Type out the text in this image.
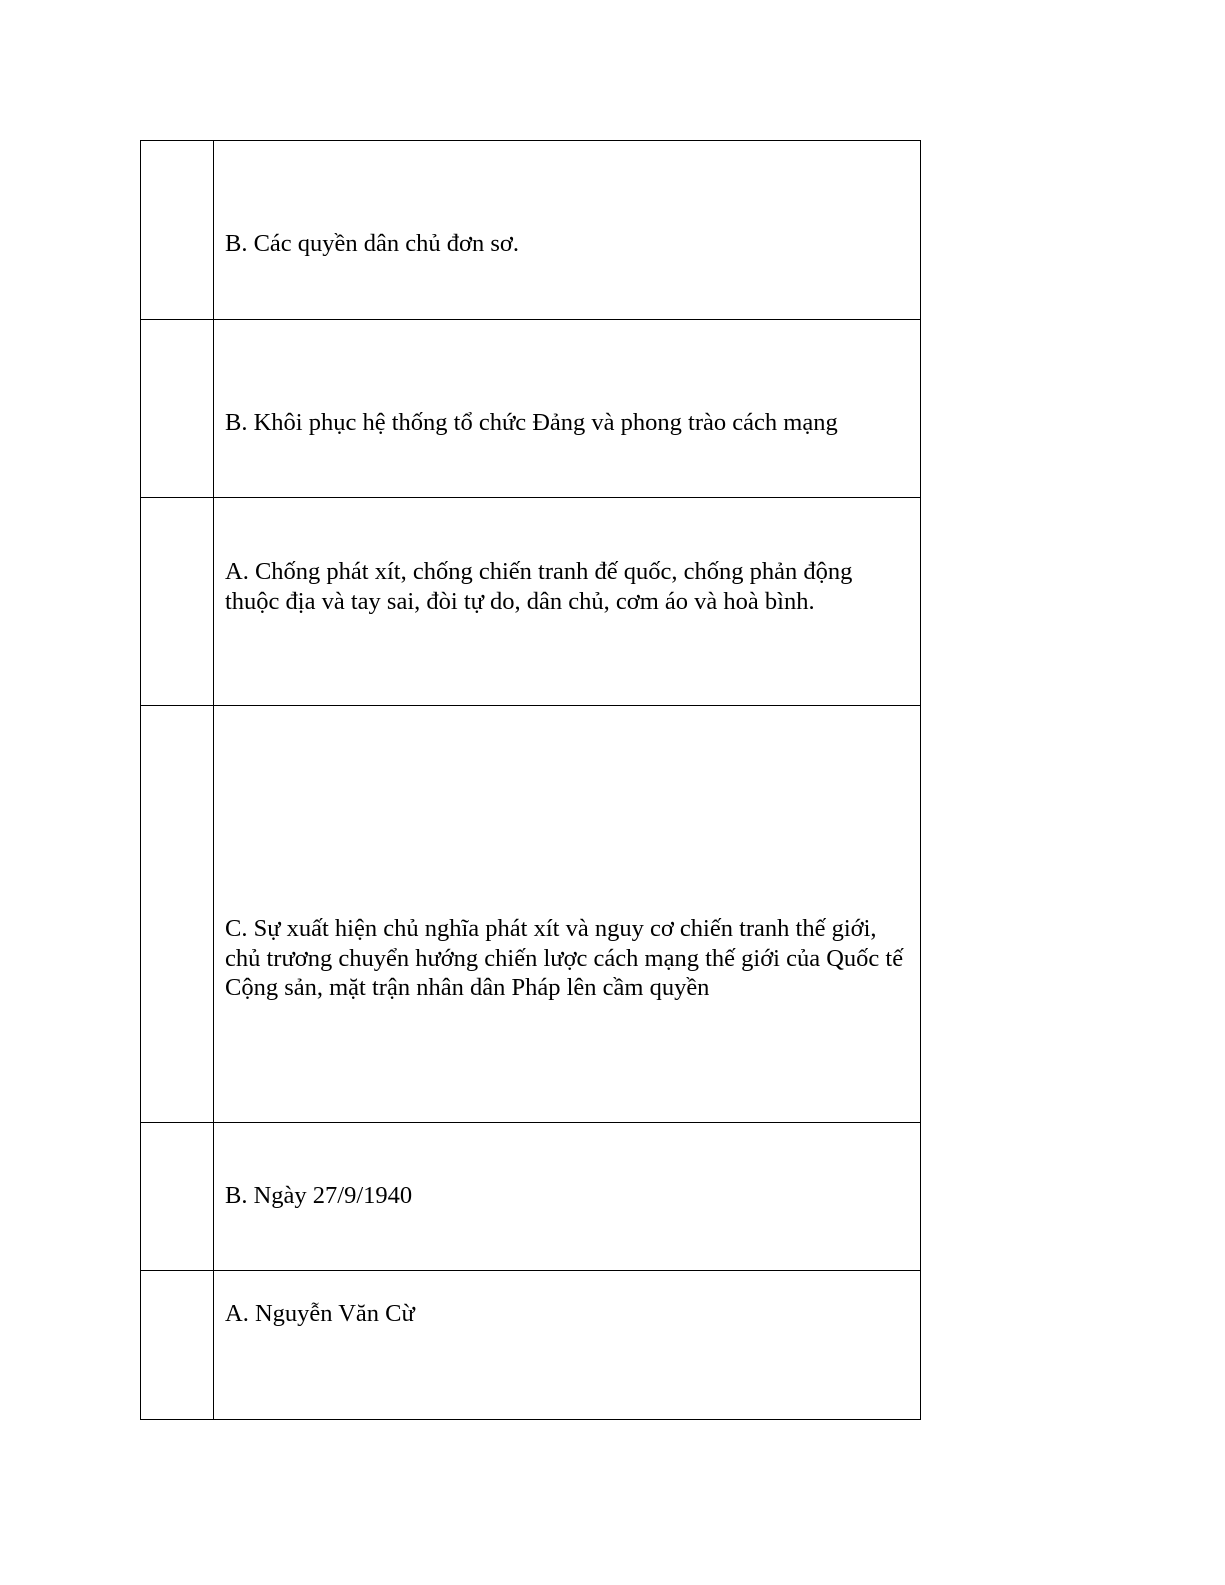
	B. Các quyền dân chủ đơn sơ.

	B. Khôi phục hệ thống tổ chức Đảng và phong trào cách mạng

	A. Chống phát xít, chống chiến tranh đế quốc, chống phản động thuộc địa và tay sai, đòi tự do, dân chủ, cơm áo và hoà bình.

	C. Sự xuất hiện chủ nghĩa phát xít và nguy cơ chiến tranh thế giới, chủ trương chuyển hướng chiến lược cách mạng thế giới của Quốc tế Cộng sản, mặt trận nhân dân Pháp lên cầm quyền

	B. Ngày 27/9/1940

	A. Nguyễn Văn Cừ
